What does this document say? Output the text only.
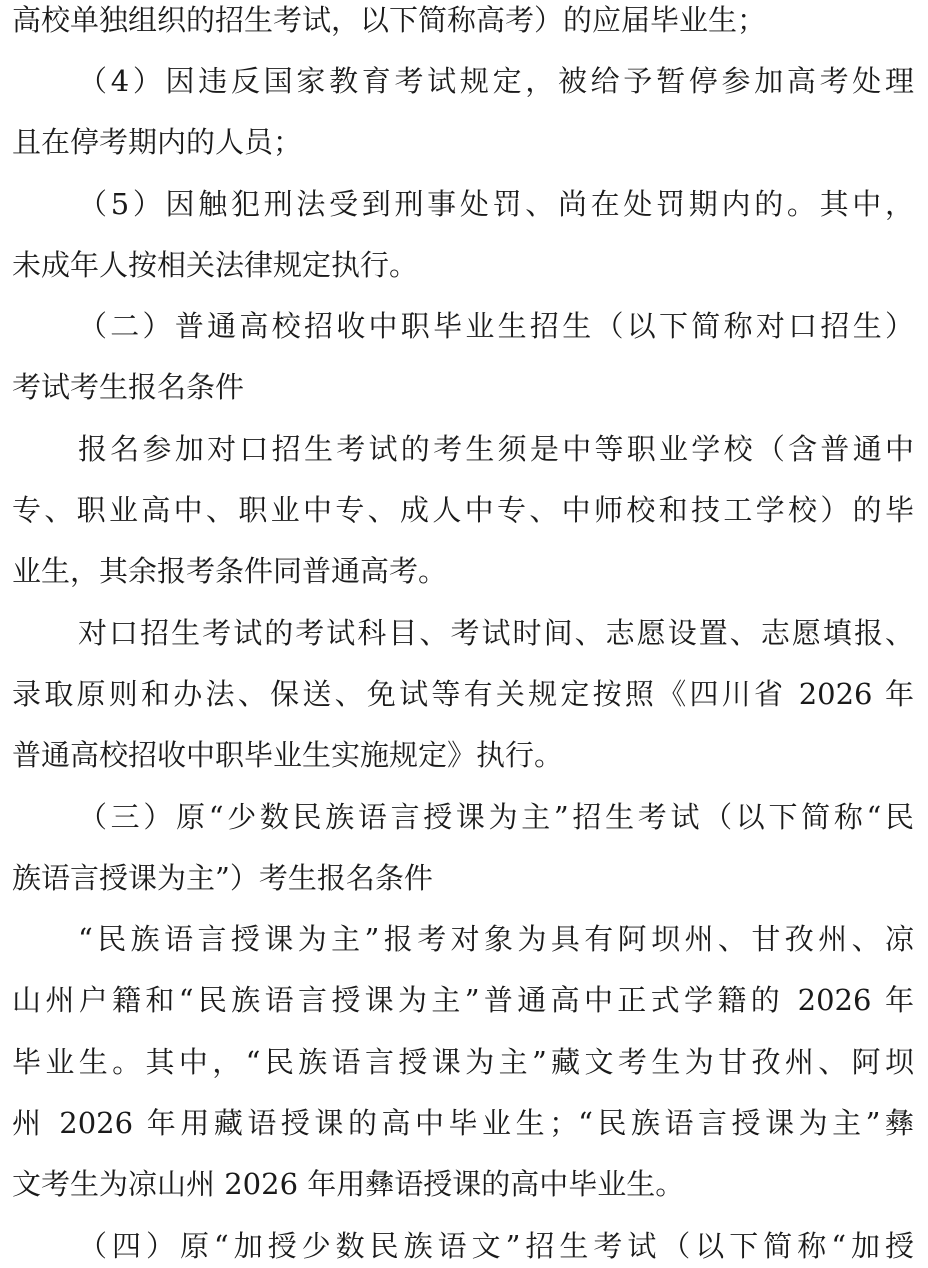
高校单独组织的招生考试，以下简称高考）的应届毕业生；
（4）因违反国家教育考试规定，被给予暂停参加高考处理
且在停考期内的人员；
（5）因触犯刑法受到刑事处罚、尚在处罚期内的。其中，
未成年人按相关法律规定执行。
（二）普通高校招收中职毕业生招生（以下简称对口招生）
考试考生报名条件
报名参加对口招生考试的考生须是中等职业学校（含普通中
专、职业高中、职业中专、成人中专、中师校和技工学校）的毕
业生，其余报考条件同普通高考。
对口招生考试的考试科目、考试时间、志愿设置、志愿填报、
录取原则和办法、保送、免试等有关规定按照《四川省 2026 年
普通高校招收中职毕业生实施规定》执行。
（三）原“少数民族语言授课为主”招生考试（以下简称“民
族语言授课为主”）考生报名条件
“民族语言授课为主”报考对象为具有阿坝州、甘孜州、凉
山州户籍和“民族语言授课为主”普通高中正式学籍的 2026 年
毕业生。其中，“民族语言授课为主”藏文考生为甘孜州、阿坝
州 2026 年用藏语授课的高中毕业生；“民族语言授课为主”彝
文考生为凉山州 2026 年用彝语授课的高中毕业生。
（四）原“加授少数民族语文”招生考试（以下简称“加授
